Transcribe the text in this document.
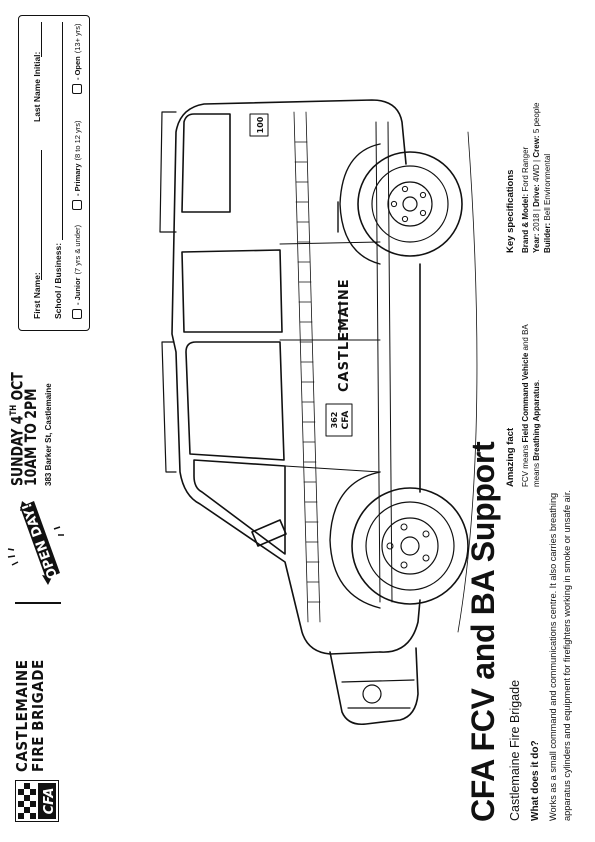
CFA
CASTLEMAINE
FIRE BRIGADE
OPEN DAY!
SUNDAY 4TH OCT
10AM TO 2PM 383 Barker St, Castlemaine
First Name:
Last Name Initial:
School / Business: - Junior
(7 yrs & under)
- Primary
(8 to 12 yrs)
- Open
(13+ yrs)
362 CFA
CASTLEMAINE
100
CFA FCV and BA Support Castlemaine Fire Brigade What does it do? Works as a small command and communications centre. It also carries breathing apparatus cylinders and equipment for firefighters working in smoke or unsafe air.
Amazing fact FCV means Field Command Vehicle and BA means Breathing Apparatus.
Key specifications Brand & Model: Ford Ranger
Year: 2018 | Drive: 4WD | Crew: 5 people
Builder: Bell Environmental
